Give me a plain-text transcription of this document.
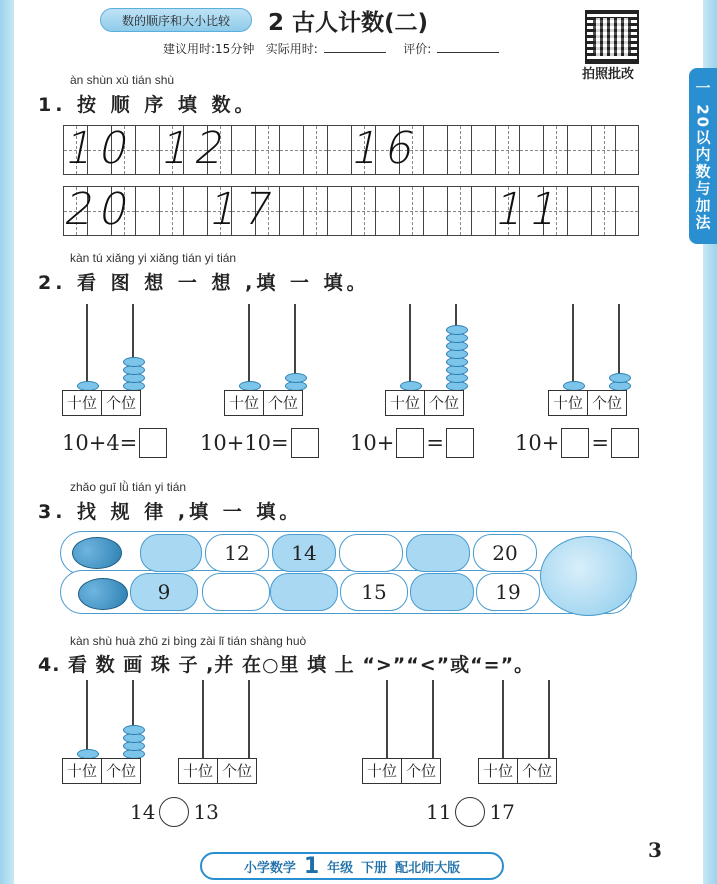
一 20以内数与加法
数的顺序和大小比较	2 古人计数(二)
建议用时:15分钟 实际用时:	评价:
拍照批改
àn shùn xù tián shù
1. 按 顺 序 填 数。
10 12	16
20 17	11
kàn tú xiǎng yi xiǎng tián yi tián
2. 看 图 想 一 想 ,填 一 填。
十位 个位	十位 个位	十位 个位	十位 个位
10+4=	10+10=	10+ =	10+ =
zhǎo guī lǜ tián yi tián
3. 找 规 律 ,填 一 填。
12	14	20
9	15	19
kàn shù huà zhū zi bìng zài lǐ tián shàng huò
4. 看 数 画 珠 子 ,并 在○里 填 上 “>”“<”或“=”。
十位 个位	十位 个位	十位 个位	十位 个位
14 13	11 17
小学数学 1 年级 下册 配北师大版
3
